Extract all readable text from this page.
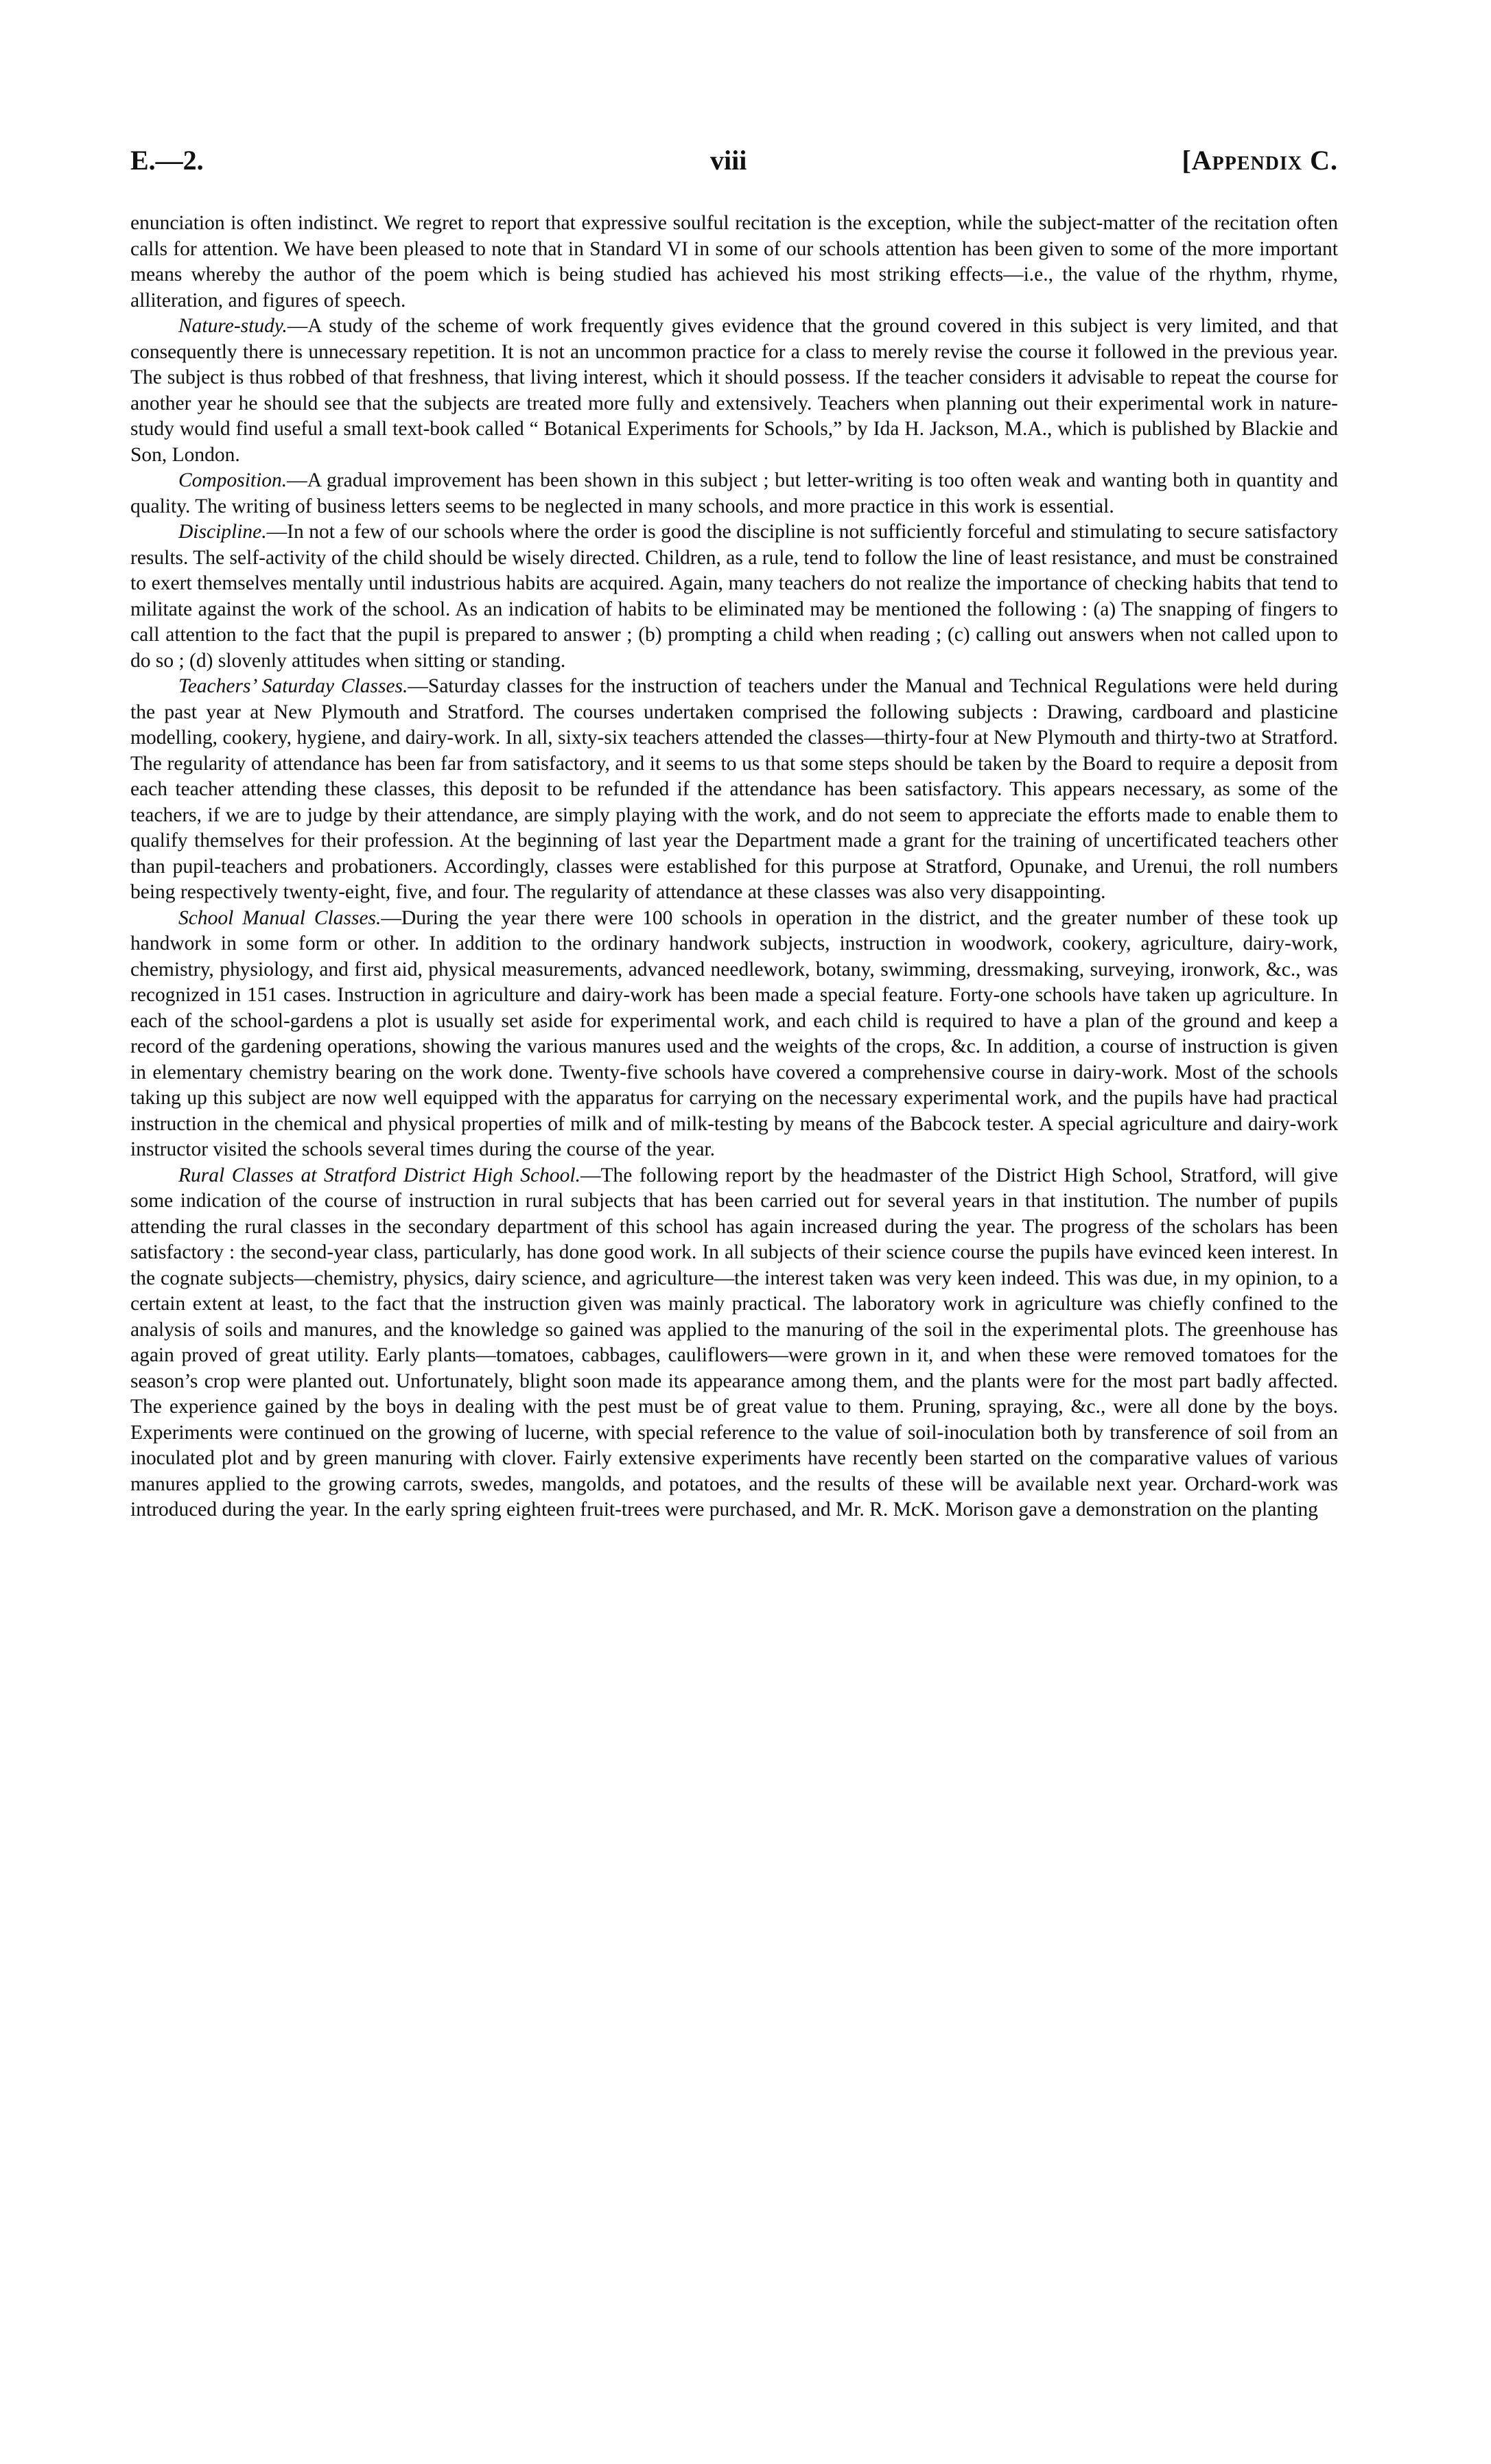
E.—2.	viii	[Appendix C.

enunciation is often indistinct. We regret to report that expressive soulful recitation is the exception, while the subject-matter of the recitation often calls for attention. We have been pleased to note that in Standard VI in some of our schools attention has been given to some of the more important means whereby the author of the poem which is being studied has achieved his most striking effects—i.e., the value of the rhythm, rhyme, alliteration, and figures of speech.

Nature-study.—A study of the scheme of work frequently gives evidence that the ground covered in this subject is very limited, and that consequently there is unnecessary repetition. It is not an uncommon practice for a class to merely revise the course it followed in the previous year. The subject is thus robbed of that freshness, that living interest, which it should possess. If the teacher considers it advisable to repeat the course for another year he should see that the subjects are treated more fully and extensively. Teachers when planning out their experimental work in nature-study would find useful a small text-book called “ Botanical Experiments for Schools,” by Ida H. Jackson, M.A., which is published by Blackie and Son, London.

Composition.—A gradual improvement has been shown in this subject ; but letter-writing is too often weak and wanting both in quantity and quality. The writing of business letters seems to be neglected in many schools, and more practice in this work is essential.

Discipline.—In not a few of our schools where the order is good the discipline is not sufficiently forceful and stimulating to secure satisfactory results. The self-activity of the child should be wisely directed. Children, as a rule, tend to follow the line of least resistance, and must be constrained to exert themselves mentally until industrious habits are acquired. Again, many teachers do not realize the importance of checking habits that tend to militate against the work of the school. As an indication of habits to be eliminated may be mentioned the following : (a) The snapping of fingers to call attention to the fact that the pupil is prepared to answer ; (b) prompting a child when reading ; (c) calling out answers when not called upon to do so ; (d) slovenly attitudes when sitting or standing.

Teachers’ Saturday Classes.—Saturday classes for the instruction of teachers under the Manual and Technical Regulations were held during the past year at New Plymouth and Stratford. The courses undertaken comprised the following subjects : Drawing, cardboard and plasticine modelling, cookery, hygiene, and dairy-work. In all, sixty-six teachers attended the classes—thirty-four at New Plymouth and thirty-two at Stratford. The regularity of attendance has been far from satisfactory, and it seems to us that some steps should be taken by the Board to require a deposit from each teacher attending these classes, this deposit to be refunded if the attendance has been satisfactory. This appears necessary, as some of the teachers, if we are to judge by their attendance, are simply playing with the work, and do not seem to appreciate the efforts made to enable them to qualify themselves for their profession. At the beginning of last year the Department made a grant for the training of uncertificated teachers other than pupil-teachers and probationers. Accordingly, classes were established for this purpose at Stratford, Opunake, and Urenui, the roll numbers being respectively twenty-eight, five, and four. The regularity of attendance at these classes was also very disappointing.

School Manual Classes.—During the year there were 100 schools in operation in the district, and the greater number of these took up handwork in some form or other. In addition to the ordinary handwork subjects, instruction in woodwork, cookery, agriculture, dairy-work, chemistry, physiology, and first aid, physical measurements, advanced needlework, botany, swimming, dressmaking, surveying, ironwork, &c., was recognized in 151 cases. Instruction in agriculture and dairy-work has been made a special feature. Forty-one schools have taken up agriculture. In each of the school-gardens a plot is usually set aside for experimental work, and each child is required to have a plan of the ground and keep a record of the gardening operations, showing the various manures used and the weights of the crops, &c. In addition, a course of instruction is given in elementary chemistry bearing on the work done. Twenty-five schools have covered a comprehensive course in dairy-work. Most of the schools taking up this subject are now well equipped with the apparatus for carrying on the necessary experimental work, and the pupils have had practical instruction in the chemical and physical properties of milk and of milk-testing by means of the Babcock tester. A special agriculture and dairy-work instructor visited the schools several times during the course of the year.

Rural Classes at Stratford District High School.—The following report by the headmaster of the District High School, Stratford, will give some indication of the course of instruction in rural subjects that has been carried out for several years in that institution. The number of pupils attending the rural classes in the secondary department of this school has again increased during the year. The progress of the scholars has been satisfactory : the second-year class, particularly, has done good work. In all subjects of their science course the pupils have evinced keen interest. In the cognate subjects—chemistry, physics, dairy science, and agriculture—the interest taken was very keen indeed. This was due, in my opinion, to a certain extent at least, to the fact that the instruction given was mainly practical. The laboratory work in agriculture was chiefly confined to the analysis of soils and manures, and the knowledge so gained was applied to the manuring of the soil in the experimental plots. The greenhouse has again proved of great utility. Early plants—tomatoes, cabbages, cauliflowers—were grown in it, and when these were removed tomatoes for the season’s crop were planted out. Unfortunately, blight soon made its appearance among them, and the plants were for the most part badly affected. The experience gained by the boys in dealing with the pest must be of great value to them. Pruning, spraying, &c., were all done by the boys. Experiments were continued on the growing of lucerne, with special reference to the value of soil-inoculation both by transference of soil from an inoculated plot and by green manuring with clover. Fairly extensive experiments have recently been started on the comparative values of various manures applied to the growing carrots, swedes, mangolds, and potatoes, and the results of these will be available next year. Orchard-work was introduced during the year. In the early spring eighteen fruit-trees were purchased, and Mr. R. McK. Morison gave a demonstration on the planting
